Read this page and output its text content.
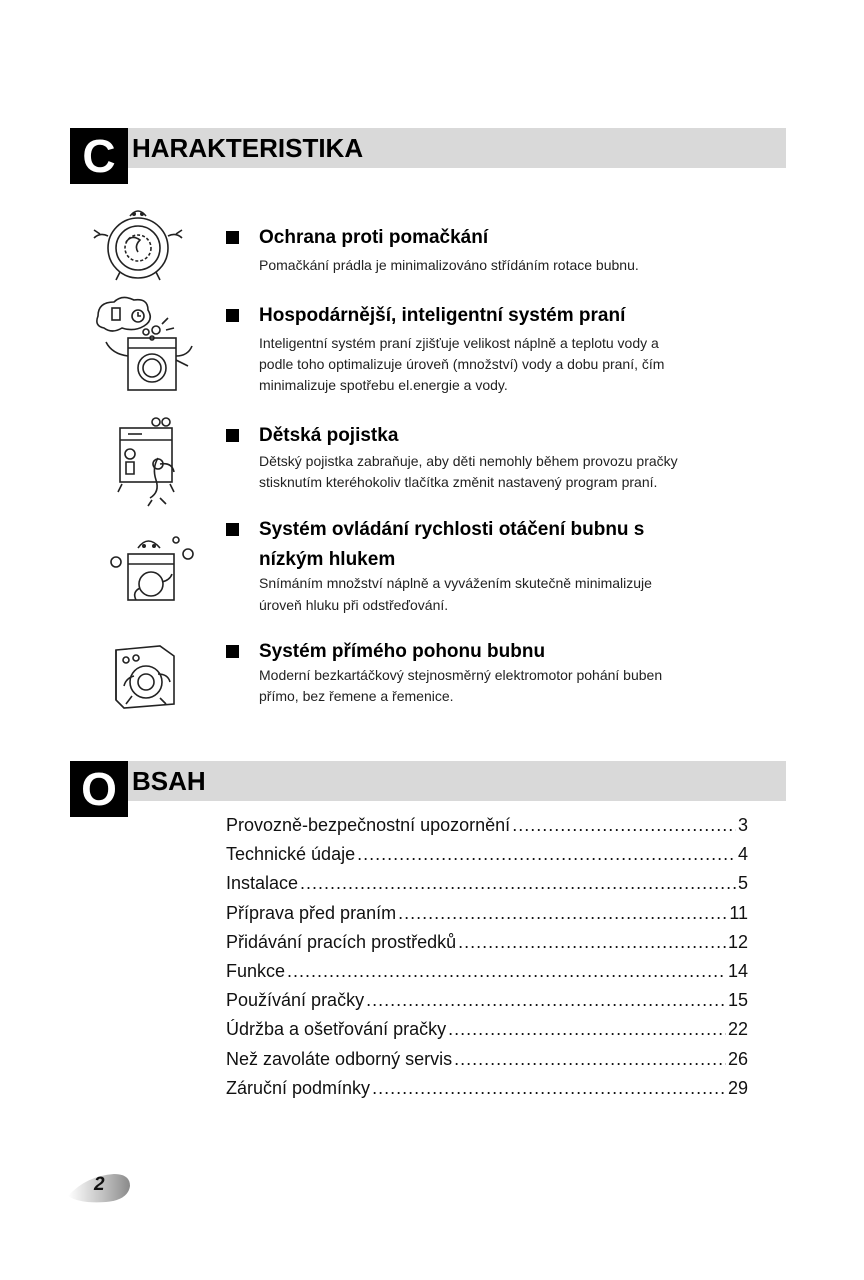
C HARAKTERISTIKA
Ochrana proti pomačkání
Pomačkání prádla je minimalizováno střídáním rotace bubnu.
Hospodárnější, inteligentní systém praní
Inteligentní systém praní zjišťuje velikost náplně a teplotu vody a
podle toho optimalizuje úroveň (množství) vody a dobu praní, čím
minimalizuje spotřebu el.energie a vody.
Dětská pojistka
Dětský pojistka zabraňuje, aby děti nemohly během provozu pračky
stisknutím kteréhokoliv tlačítka změnit nastavený program praní.
Systém ovládání rychlosti otáčení bubnu s
nízkým hlukem
Snímáním množství náplně a vyvážením skutečně minimalizuje
úroveň hluku při odstřeďování.
Systém přímého pohonu bubnu
Moderní bezkartáčkový stejnosměrný elektromotor pohání buben
přímo, bez řemene a řemenice.
O BSAH
Provozně-bezpečnostní upozornění .....	3
Technické údaje .....	4
Instalace .....	5
Příprava před praním .....	11
Přidávání pracích prostředků .....	12
Funkce .....	14
Používání pračky .....	15
Údržba a ošetřování pračky .....	22
Než zavoláte odborný servis .....	26
Záruční podmínky .....	29
2
